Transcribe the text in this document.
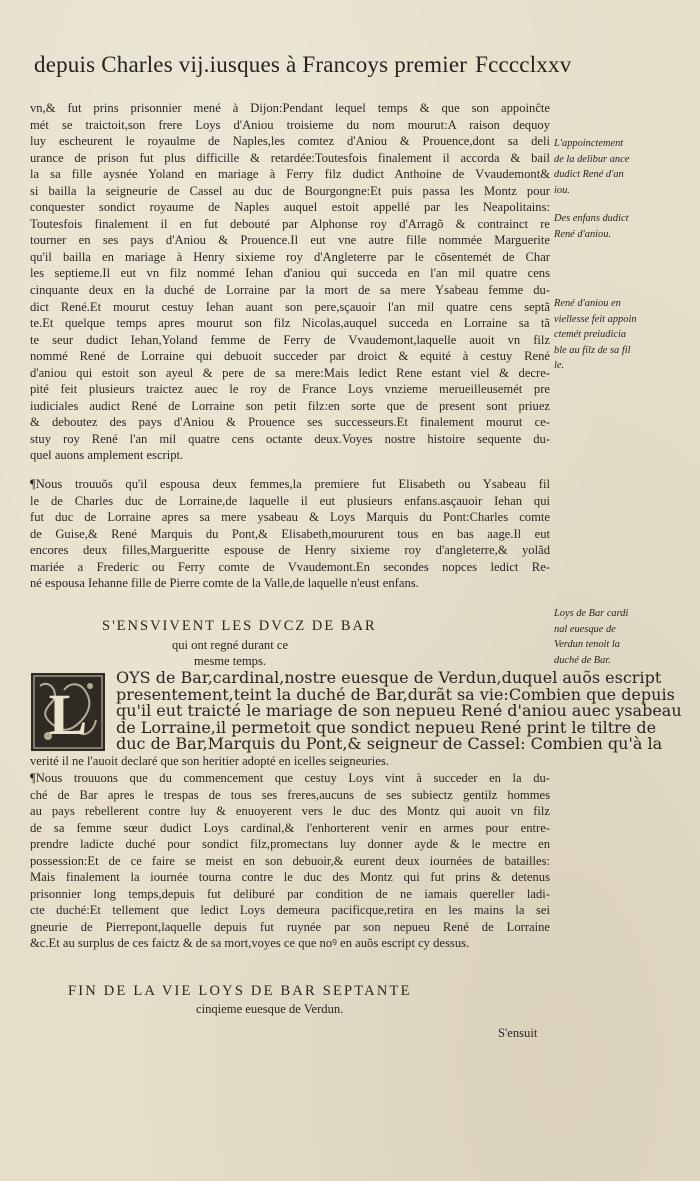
depuis Charles vij.iusques à Francoys premier Fcccclxxv
vn,& fut prins prisonnier mené à Dijon:Pendant lequel temps & que son appoinĉte
mét se traictoit,son frere Loys d'Aniou troisieme du nom mourut:A raison dequoy
luy escheurent le royaulme de Naples,les comtez d'Aniou & Prouence,dont sa deli
urance de prison fut plus difficille & retardée:Toutesfois finalement il accorda & bail
la sa fille aysnée Yoland en mariage à Ferry filz dudict Anthoine de Vvaudemont&
si bailla la seigneurie de Cassel au duc de Bourgongne:Et puis passa les Montz pour
conquester sondict royaume de Naples auquel estoit appellé par les Neapolitains:
Toutesfois finalement il en fut debouté par Alphonse roy d'Arragõ & contrainct re
tourner en ses pays d'Aniou & Prouence.Il eut vne autre fille nommée Marguerite
qu'il bailla en mariage à Henry sixieme roy d'Angleterre par le cõsentemét de Char
les septieme.Il eut vn filz nommé Iehan d'aniou qui succeda en l'an mil quatre cens
cinquante deux en la duché de Lorraine par la mort de sa mere Ysabeau femme du-
dict René.Et mourut cestuy Iehan auant son pere,sçauoir l'an mil quatre cens septã
te.Et quelque temps apres mourut son filz Nicolas,auquel succeda en Lorraine sa tã
te seur dudict Iehan,Yoland femme de Ferry de Vvaudemont,laquelle auoit vn filz
nommé René de Lorraine qui debuoit succeder par droict & equité à cestuy René
d'aniou qui estoit son ayeul & pere de sa mere:Mais ledict Rene estant viel & decre-
pité feit plusieurs traictez auec le roy de France Loys vnzieme merueilleusemét pre
iudiciales audict René de Lorraine son petit filz:en sorte que de present sont priuez
& deboutez des pays d'Aniou & Prouence ses successeurs.Et finalement mourut ce-
stuy roy René l'an mil quatre cens octante deux.Voyes nostre histoire sequente du-
quel auons amplement escript.
¶Nous trouuõs qu'il espousa deux femmes,la premiere fut Elisabeth ou Ysabeau fil
le de Charles duc de Lorraine,de laquelle il eut plusieurs enfans.asçauoir Iehan qui
fut duc de Lorraine apres sa mere ysabeau & Loys Marquis du Pont:Charles comte
de Guise,& René Marquis du Pont,& Elisabeth,moururent tous en bas aage.Il eut
encores deux filles,Margueritte espouse de Henry sixieme roy d'angleterre,& yolãd
mariée a Frederic ou Ferry comte de Vvaudemont.En secondes nopces ledict Re-
né espousa Iehanne fille de Pierre comte de la Valle,de laquelle n'eust enfans.
L'appoinctement
de la delibur ance
dudict René d'an
iou.
Des enfans dudict
René d'aniou.
René d'aniou en
viellesse feit appoin
ctemét preiudicia
ble au filz de sa fil
le.
Loys de Bar cardi
nal euesque de
Verdun tenoit la
duché de Bar.
S'ENSVIVENT LES DVCZ DE BAR
qui ont regné durant ce
mesme temps.
L
OYS de Bar,cardinal,nostre euesque de Verdun,duquel auõs escript
presentement,teint la duché de Bar,durãt sa vie:Combien que depuis
qu'il eut traicté le mariage de son nepueu René d'aniou auec ysabeau
de Lorraine,il permetoit que sondict nepueu René print le tiltre de
duc de Bar,Marquis du Pont,& seigneur de Cassel: Combien qu'à la
verité il ne l'auoit declaré que son heritier adopté en icelles seigneuries.
¶Nous trouuons que du commencement que cestuy Loys vint à succeder en la du-
ché de Bar apres le trespas de tous ses freres,aucuns de ses subiectz gentilz hommes
au pays rebellerent contre luy & enuoyerent vers le duc des Montz qui auoit vn filz
de sa femme sœur dudict Loys cardinal,& l'enhorterent venir en armes pour entre-
prendre ladicte duché pour sondict filz,promectans luy donner ayde & le mectre en
possession:Et de ce faire se meist en son debuoir,& eurent deux iournées de batailles:
Mais finalement la iournée tourna contre le duc des Montz qui fut prins & detenus
prisonnier long temps,depuis fut deliburé par condition de ne iamais quereller ladi-
cte duché:Et tellement que ledict Loys demeura pacificque,retira en les mains la sei
gneurie de Pierrepont,laquelle depuis fut ruynée par son nepueu René de Lorraine
&c.Et au surplus de ces faictz & de sa mort,voyes ce que noꝰ en auõs escript cy dessus.
FIN DE LA VIE LOYS DE BAR SEPTANTE
cinqieme euesque de Verdun.
S'ensuit
